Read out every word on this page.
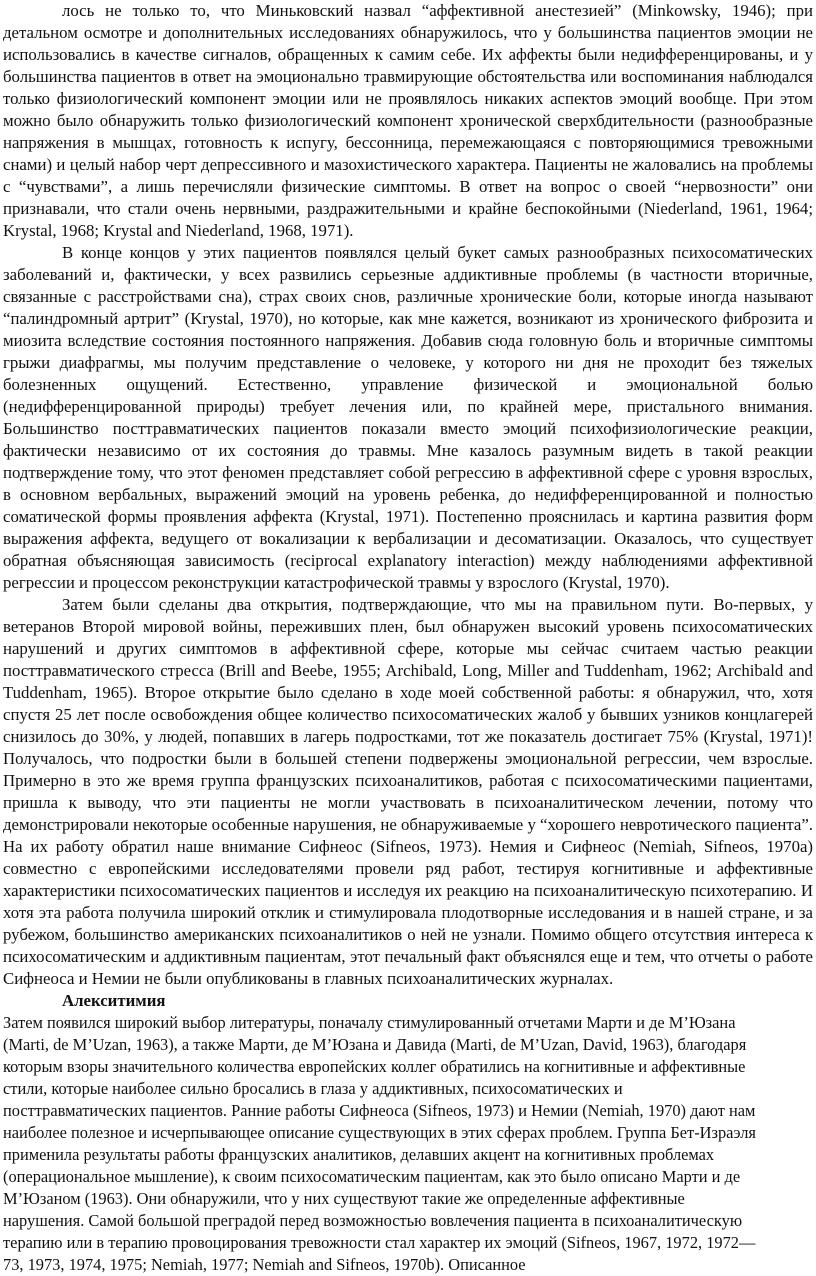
лось не только то, что Миньковский назвал “аффективной анестезией” (Minkowsky, 1946); при детальном осмотре и дополнительных исследованиях обнаружилось, что у большинства пациентов эмоции не использовались в качестве сигналов, обращенных к самим себе. Их аффекты были недифференцированы, и у большинства пациентов в ответ на эмоционально травмирующие обстоятельства или воспоминания наблюдался только физиологический компонент эмоции или не проявлялось никаких аспектов эмоций вообще. При этом можно было обнаружить только физиологический компонент хронической сверхбдительности (разнообразные напряжения в мышцах, готовность к испугу, бессонница, перемежающаяся с повторяющимися тревожными снами) и целый набор черт депрессивного и мазохистического характера. Пациенты не жаловались на проблемы с “чувствами”, а лишь перечисляли физические симптомы. В ответ на вопрос о своей “нервозности” они признавали, что стали очень нервными, раздражительными и крайне беспокойными (Niederland, 1961, 1964; Krystal, 1968; Krystal and Niederland, 1968, 1971).

В конце концов у этих пациентов появлялся целый букет самых разнообразных психосоматических заболеваний и, фактически, у всех развились серьезные аддиктивные проблемы (в частности вторичные, связанные с расстройствами сна), страх своих снов, различные хронические боли, которые иногда называют “палиндромный артрит” (Krystal, 1970), но которые, как мне кажется, возникают из хронического фиброзита и миозита вследствие состояния постоянного напряжения. Добавив сюда головную боль и вторичные симптомы грыжи диафрагмы, мы получим представление о человеке, у которого ни дня не проходит без тяжелых болезненных ощущений. Естественно, управление физической и эмоциональной болью (недифференцированной природы) требует лечения или, по крайней мере, пристального внимания. Большинство посттравматических пациентов показали вместо эмоций психофизиологические реакции, фактически независимо от их состояния до травмы. Мне казалось разумным видеть в такой реакции подтверждение тому, что этот феномен представляет собой регрессию в аффективной сфере с уровня взрослых, в основном вербальных, выражений эмоций на уровень ребенка, до недифференцированной и полностью соматической формы проявления аффекта (Krystal, 1971). Постепенно прояснилась и картина развития форм выражения аффекта, ведущего от вокализации к вербализации и десоматизации. Оказалось, что существует обратная объясняющая зависимость (reciprocal explanatory interaction) между наблюдениями аффективной регрессии и процессом реконструкции катастрофической травмы у взрослого (Krystal, 1970).

Затем были сделаны два открытия, подтверждающие, что мы на правильном пути. Во-первых, у ветеранов Второй мировой войны, переживших плен, был обнаружен высокий уровень психосоматических нарушений и других симптомов в аффективной сфере, которые мы сейчас считаем частью реакции посттравматического стресса (Brill and Beebe, 1955; Archibald, Long, Miller and Tuddenham, 1962; Archibald and Tuddenham, 1965). Второе открытие было сделано в ходе моей собственной работы: я обнаружил, что, хотя спустя 25 лет после освобождения общее количество психосоматических жалоб у бывших узников концлагерей снизилось до 30%, у людей, попавших в лагерь подростками, тот же показатель достигает 75% (Krystal, 1971)! Получалось, что подростки были в большей степени подвержены эмоциональной регрессии, чем взрослые. Примерно в это же время группа французских психоаналитиков, работая с психосоматическими пациентами, пришла к выводу, что эти пациенты не могли участвовать в психоаналитическом лечении, потому что демонстрировали некоторые особенные нарушения, не обнаруживаемые у “хорошего невротического пациента”. На их работу обратил наше внимание Сифнеос (Sifneos, 1973). Немия и Сифнеос (Nemiah, Sifneos, 1970a) совместно с европейскими исследователями провели ряд работ, тестируя когнитивные и аффективные характеристики психосоматических пациентов и исследуя их реакцию на психоаналитическую психотерапию. И хотя эта работа получила широкий отклик и стимулировала плодотворные исследования и в нашей стране, и за рубежом, большинство американских психоаналитиков о ней не узнали. Помимо общего отсутствия интереса к психосоматическим и аддиктивным пациентам, этот печальный факт объяснялся еще и тем, что отчеты о работе Сифнеоса и Немии не были опубликованы в главных психоаналитических журналах.

Алекситимия

Затем появился широкий выбор литературы, поначалу стимулированный отчетами Марти и де М’Юзана
(Marti, de M’Uzan, 1963), а также Марти, де М’Юзана и Давида (Marti, de M’Uzan, David, 1963), благодаря
которым взоры значительного количества европейских коллег обратились на когнитивные и аффективные
стили, которые наиболее сильно бросались в глаза у аддиктивных, психосоматических и
посттравматических пациентов. Ранние работы Сифнеоса (Sifneos, 1973) и Немии (Nemiah, 1970) дают нам
наиболее полезное и исчерпывающее описание существующих в этих сферах проблем. Группа Бет-Израэля
применила результаты работы французских аналитиков, делавших акцент на когнитивных проблемах
(операциональное мышление), к своим психосоматическим пациентам, как это было описано Марти и де
М’Юзаном (1963). Они обнаружили, что у них существуют такие же определенные аффективные
нарушения. Самой большой преградой перед возможностью вовлечения пациента в психоаналитическую
терапию или в терапию провоцирования тревожности стал характер их эмоций (Sifneos, 1967, 1972, 1972—
73, 1973, 1974, 1975; Nemiah, 1977; Nemiah and Sifneos, 1970b). Описанное
